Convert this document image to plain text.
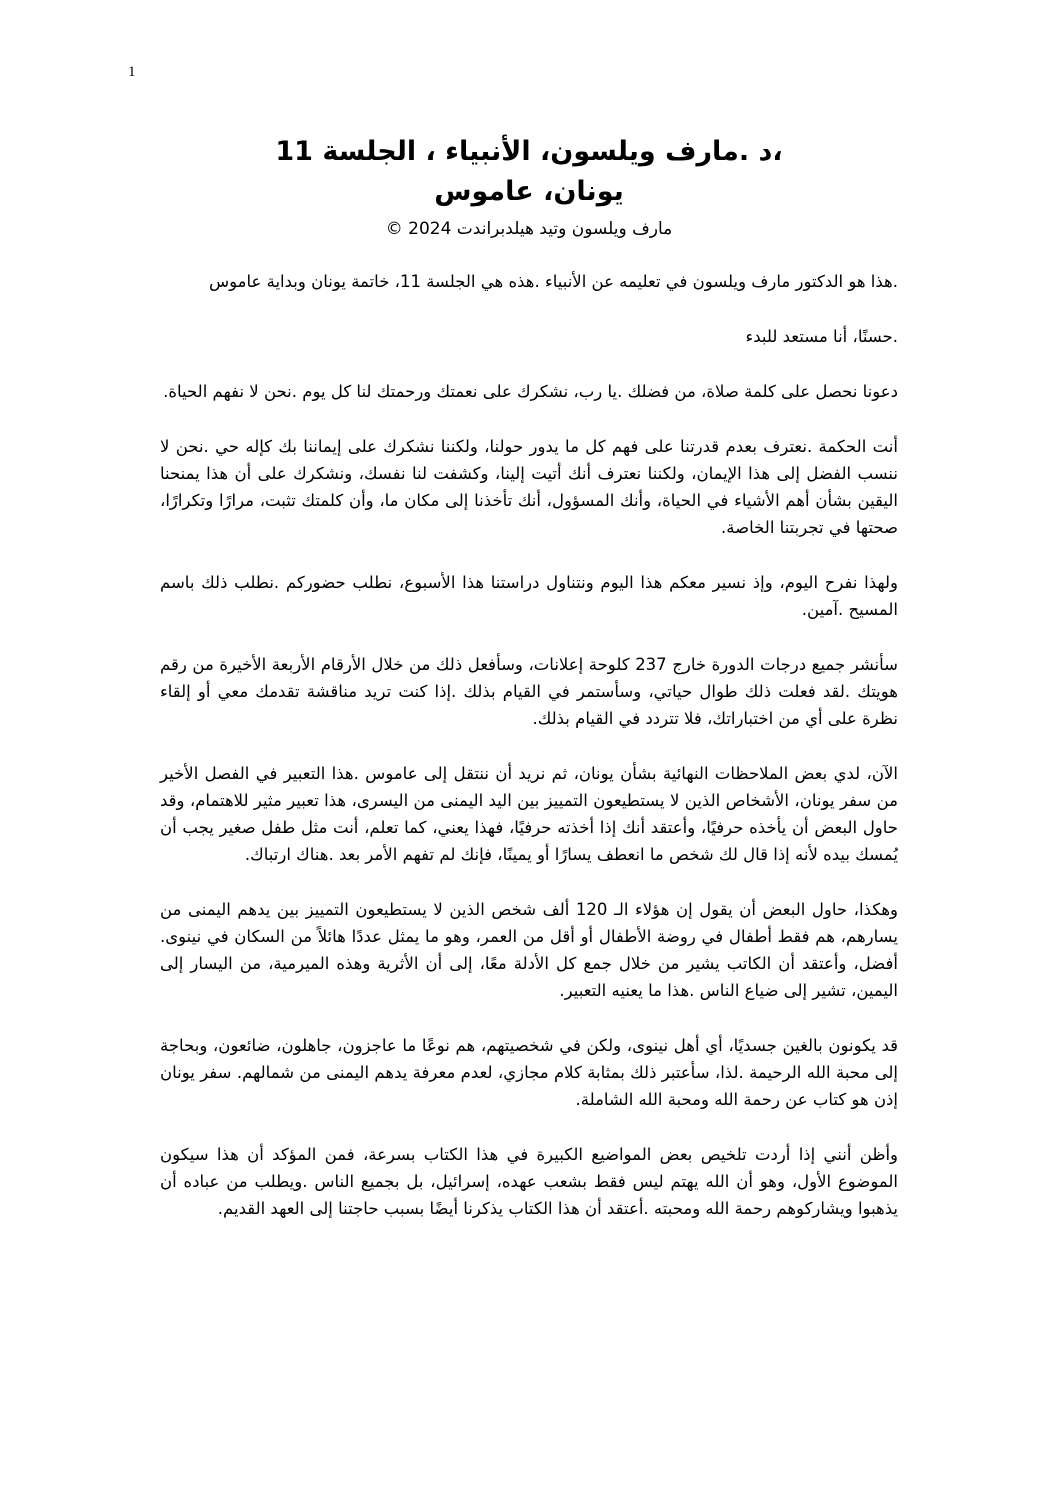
1
،د .مارف ويلسون، الأنبياء ، الجلسة 11
يونان، عاموس
مارف ويلسون وتيد هيلدبراندت 2024 ©

.هذا هو الدكتور مارف ويلسون في تعليمه عن الأنبياء .هذه هي الجلسة 11، خاتمة يونان وبداية عاموس

.حسنًا، أنا مستعد للبدء

دعونا نحصل على كلمة صلاة، من فضلك .يا رب، نشكرك على نعمتك ورحمتك لنا كل يوم .نحن لا نفهم الحياة.

أنت الحكمة .نعترف بعدم قدرتنا على فهم كل ما يدور حولنا، ولكننا نشكرك على إيماننا بك كإله حي .نحن لا ننسب الفضل إلى هذا الإيمان، ولكننا نعترف أنك أتيت إلينا، وكشفت لنا نفسك، ونشكرك على أن هذا يمنحنا اليقين بشأن أهم الأشياء في الحياة، وأنك المسؤول، أنك تأخذنا إلى مكان ما، وأن كلمتك تثبت، مرارًا وتكرارًا، صحتها في تجربتنا الخاصة.

ولهذا نفرح اليوم، وإذ نسير معكم هذا اليوم ونتناول دراستنا هذا الأسبوع، نطلب حضوركم .نطلب ذلك باسم المسيح .آمين.

سأنشر جميع درجات الدورة خارج 237 كلوحة إعلانات، وسأفعل ذلك من خلال الأرقام الأربعة الأخيرة من رقم هويتك .لقد فعلت ذلك طوال حياتي، وسأستمر في القيام بذلك .إذا كنت تريد مناقشة تقدمك معي أو إلقاء نظرة على أي من اختباراتك، فلا تتردد في القيام بذلك.

الآن، لدي بعض الملاحظات النهائية بشأن يونان، ثم نريد أن ننتقل إلى عاموس .هذا التعبير في الفصل الأخير من سفر يونان، الأشخاص الذين لا يستطيعون التمييز بين اليد اليمنى من اليسرى، هذا تعبير مثير للاهتمام، وقد حاول البعض أن يأخذه حرفيًا، وأعتقد أنك إذا أخذته حرفيًا، فهذا يعني، كما تعلم، أنت مثل طفل صغير يجب أن يُمسك بيده لأنه إذا قال لك شخص ما انعطف يسارًا أو يمينًا، فإنك لم تفهم الأمر بعد .هناك ارتباك.

وهكذا، حاول البعض أن يقول إن هؤلاء الـ 120 ألف شخص الذين لا يستطيعون التمييز بين يدهم اليمنى من يسارهم، هم فقط أطفال في روضة الأطفال أو أقل من العمر، وهو ما يمثل عددًا هائلاً من السكان في نينوى. أفضل، وأعتقد أن الكاتب يشير من خلال جمع كل الأدلة معًا، إلى أن الأثرية وهذه الميرمية، من اليسار إلى اليمين، تشير إلى ضياع الناس .هذا ما يعنيه التعبير.

قد يكونون بالغين جسديًا، أي أهل نينوى، ولكن في شخصيتهم، هم نوعًا ما عاجزون، جاهلون، ضائعون، وبحاجة إلى محبة الله الرحيمة .لذا، سأعتبر ذلك بمثابة كلام مجازي، لعدم معرفة يدهم اليمنى من شمالهم. سفر يونان إذن هو كتاب عن رحمة الله ومحبة الله الشاملة.

وأظن أنني إذا أردت تلخيص بعض المواضيع الكبيرة في هذا الكتاب بسرعة، فمن المؤكد أن هذا سيكون الموضوع الأول، وهو أن الله يهتم ليس فقط بشعب عهده، إسرائيل، بل بجميع الناس .ويطلب من عباده أن يذهبوا ويشاركوهم رحمة الله ومحبته .أعتقد أن هذا الكتاب يذكرنا أيضًا بسبب حاجتنا إلى العهد القديم.
